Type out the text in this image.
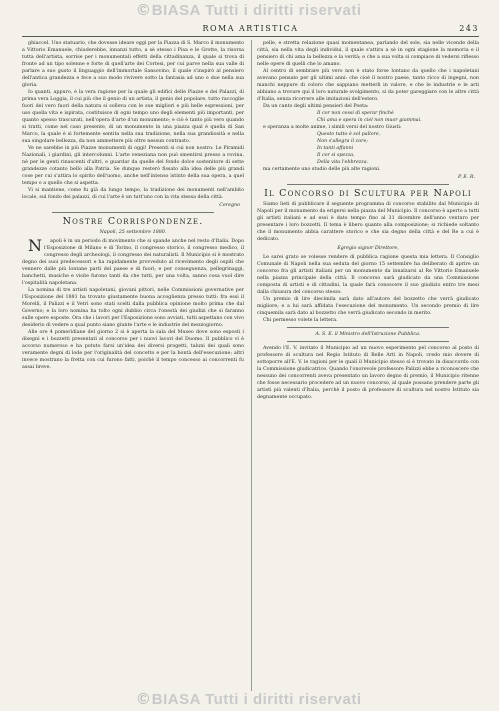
© BIASA Tutti i diritti riservati
ROMA ARTISTICA	243

ghiaccel. Uno statuario, che dovesse ideare oggi per la Piazza di S. Marco il monumento a Vittorio Emanuele, chiuderebbe, innanzi tutto, a sè stesso i Pisa e le Grotte, la risorsa tutta dell'artista, sorrise per i monumentali effetti della cittadinanza, il quale si trova di fronte ad un tipo solenne e forte di quell'arte dei Cortesi, per cui parve nella sua valle di parlare a suo gusto il linguaggio dell'immortale Sansovino, il quale s'inspirò al pensiero dell'antica grandezza e fece a suo modo rivivere sotto la fantasia ad uno o due nella sua gloria.

Io quanti, appuro, è la vera ragione per la quale gli edifici delle Piazze e dei Palazzi, di prima vera Loggia, il cui più che il genio di un artista, il genio del popolare, tutto raccoglie fuori del vero fuori della natura si solleva con le sue migliori e più belle espressioni, per uso quella vita e ispirata, costituisce di ogni tempo uno degli elementi più importanti, per quanto spesso trascurati, nell'opera d'arte d'un monumento; e ciò è tanto più vero quando si tratti, come nel caso presente, di un monumento in una piazza qual è quella di San Marco, la quale è sì fortemente sentita nella sua tradizione, nella sua grandiosità e nella sua singolare bellezza, da non ammettere più oltre nessun contrasto.

Ve ne sarebbe in più Piazze monumenti di oggi! Presenti si cui non nostro: Le Piramidi Nazionali, i giardini, gli intercolunni. L'arte veneziana non può smentirsi presso a rovina, nè per le genti rinascenti d'altri, e guardar da quelle del fondo dolce sostenitore di sette grandezze cotanto bello alla Patria. Se dunque resterò fissato alla idea delle più grandi cose per cui s'attira lo spirito dell'uomo, anche nell'intenso istinto della sua opera, a quel tempo o a quello che si aspetta.

Vi si mantiene, come fu già da lungo tempo, la tradizione dei monumenti nell'ambito locale, sul fondo dei palazzi, di cui l'arte è un tutt'uno con la vita stessa della città.

Ceregno
Nostre Corrispondenze.
Napoli, 25 settembre 1880.

N apoli è in un periodo di movimento che si spande anche nel resto d'Italia. Dopo l'Esposizione di Milano e di Torino, il congresso storico, il congresso medico, il congresso degli archeologi, il congresso dei naturalisti. Il Municipio si è mostrato degno dei suoi predecessori e ha rapidamente provveduto al ricevimento degli ospiti che vennero dalle più lontane parti del paese e di fuori; e per conseguenza, pellegrinaggi, banchetti, musiche e visite furono tanti da che tutti, per una volta, sanno cosa vuol dire l'ospitalità napoletana.

La nomina di tre artisti napoletani, giovani pittori, nelle Commissioni governative per l'Esposizione del 1881 ha trovato giustamente buona accoglienza presso tutti: fra essi il Morelli, il Palizzi e il Vetri sono stati scelti dalla pubblica opinione molto prima che dal Governo; e la loro nomina ha tolto ogni dubbio circa l'onestà dei giudizi che si faranno sulle opere esposte. Ora che i lavori per l'Esposizione sono avviati, tutti aspettano con vivo desiderio di vedere a qual punto siano giunte l'arte e le industrie del mezzogiorno.

Alle ore 4 pomeridiane del giorno 2 si è aperta la sala del Museo dove sono esposti i disegni e i bozzetti presentati al concorso per i nuovi lavori del Duomo. Il pubblico vi è accorso numeroso e ha potuto farsi un'idea dei diversi progetti, taluni dei quali sono veramente degni di lode per l'originalità del concetto e per la bontà dell'esecuzione; altri invece mostrano la fretta con cui furono fatti, poichè il tempo concesso ai concorrenti fu assai breve.

pelle, e stretta relazione quasi momentanea, parlando del sole, sia nelle vicende della città, sia nella vita degli individui, il quale s'attira a sè in ogni stagione la memoria e il pensiero di chi ama la bellezza e la verità; e che a sua volta si compiace di vedersi riflesso nelle opere di quelli che lo amano.

Al centro di sembrare più vero non è stato forse lontano da quello che i napoletani avevano pensato per gli ultimi anni: che cioè il nostro paese, tanto ricco di ingegni, non manchi neppure di coloro che sappiano metterli in valore, e che le industrie e le arti abbiano a trovare qui il loro naturale svolgimento, sì da poter gareggiare con le altre città d'Italia, senza ricorrere alle imitazioni dell'estero.

Da un canto degli ultimi pensieri del Poeta:

Il cor non cessi di sperar finchè
Chi ama e spera in ciel non muor giammai.

e speranza a molte anime, i simili versi del nostro Giusti:

Questo tutto è sol pallore,
Non s'allegra il core;
In tanti affanni
Il cor si spezza,
Della vita l'ebbrezza.

ma certamente uno studio delle più alte ragioni.

P. E. R.
Il Concorso di Scultura per Napoli

Siamo lieti di pubblicare il seguente programma di concorso stabilito dal Municipio di Napoli per il monumento da erigersi nella piazza del Municipio. Il concorso è aperto a tutti gli artisti italiani e ad essi è dato tempo fino al 31 dicembre dell'anno venturo per presentare i loro bozzetti. Il tema è libero quanto alla composizione; si richiede soltanto che il monumento abbia carattere storico e che sia degno della città e del Re a cui è dedicato.

Egregio signor Direttore,

Le sarei grato se volesse rendere di pubblica ragione questa mia lettera. Il Consiglio Comunale di Napoli nella sua seduta del giorno 15 settembre ha deliberato di aprire un concorso fra gli artisti italiani per un monumento da innalzarsi al Re Vittorio Emanuele nella piazza principale della città. Il concorso sarà giudicato da una Commissione composta di artisti e di cittadini, la quale farà conoscere il suo giudizio entro tre mesi dalla chiusura del concorso stesso.

Un premio di lire diecimila sarà dato all'autore del bozzetto che verrà giudicato migliore; e a lui sarà affidata l'esecuzione del monumento. Un secondo premio di lire cinquemila sarà dato al bozzetto che verrà giudicato secondo in merito.

Chi permesso volete la lettera.

A. S. E. il Ministro dell'Istruzione Pubblica.

Avendo l'E. V. invitato il Municipio ad un nuovo esperimento pel concorso al posto di professore di scultura nel Regio Istituto di Belle Arti in Napoli, credo mio dovere di sottoporre all'E. V. le ragioni per le quali il Municipio stesso si è trovato in disaccordo con la Commissione giudicatrice. Quando l'onorevole professore Palizzi ebbe a riconoscere che nessuno dei concorrenti aveva presentato un lavoro degno di premio, il Municipio ritenne che fosse necessario procedere ad un nuovo concorso, al quale possano prendere parte gli artisti più valenti d'Italia, perchè il posto di professore di scultura nel nostro Istituto sia degnamente occupato.

© BIASA Tutti i diritti riservati
